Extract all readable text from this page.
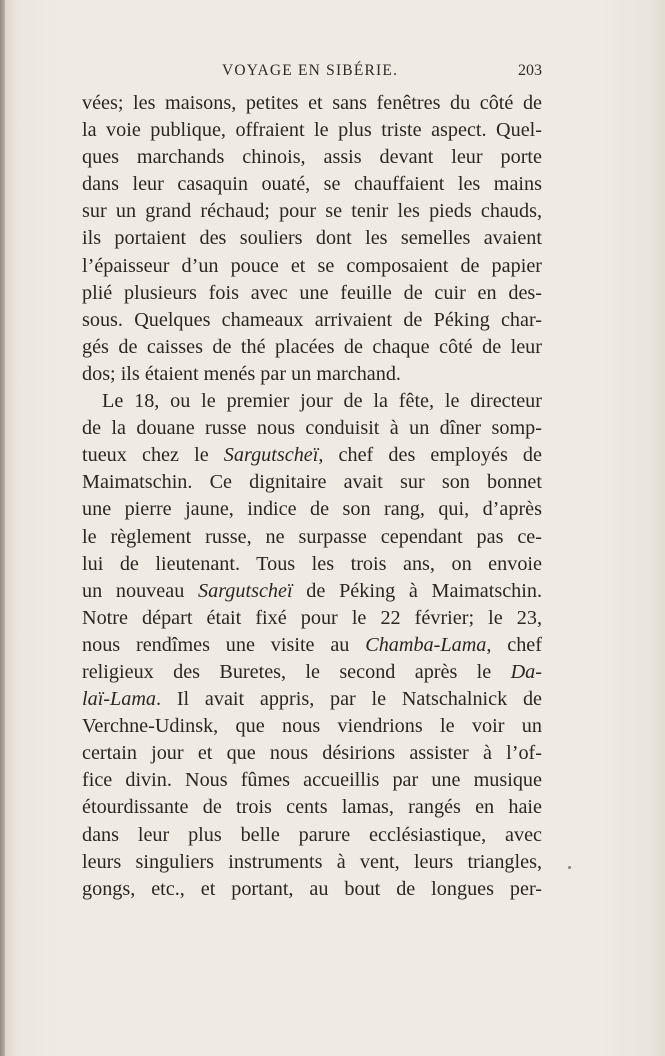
VOYAGE EN SIBÉRIE.	203
vées; les maisons, petites et sans fenêtres du côté de
la voie publique, offraient le plus triste aspect. Quel-
ques marchands chinois, assis devant leur porte
dans leur casaquin ouaté, se chauffaient les mains
sur un grand réchaud; pour se tenir les pieds chauds,
ils portaient des souliers dont les semelles avaient
l’épaisseur d’un pouce et se composaient de papier
plié plusieurs fois avec une feuille de cuir en des-
sous. Quelques chameaux arrivaient de Péking char-
gés de caisses de thé placées de chaque côté de leur
dos; ils étaient menés par un marchand.
Le 18, ou le premier jour de la fête, le directeur
de la douane russe nous conduisit à un dîner somp-
tueux chez le Sargutscheï, chef des employés de
Maimatschin. Ce dignitaire avait sur son bonnet
une pierre jaune, indice de son rang, qui, d’après
le règlement russe, ne surpasse cependant pas ce-
lui de lieutenant. Tous les trois ans, on envoie
un nouveau Sargutscheï de Péking à Maimatschin.
Notre départ était fixé pour le 22 février; le 23,
nous rendîmes une visite au Chamba-Lama, chef
religieux des Buretes, le second après le Da-
laï-Lama. Il avait appris, par le Natschalnick de
Verchne-Udinsk, que nous viendrions le voir un
certain jour et que nous désirions assister à l’of-
fice divin. Nous fûmes accueillis par une musique
étourdissante de trois cents lamas, rangés en haie
dans leur plus belle parure ecclésiastique, avec
leurs singuliers instruments à vent, leurs triangles,
gongs, etc., et portant, au bout de longues per-
